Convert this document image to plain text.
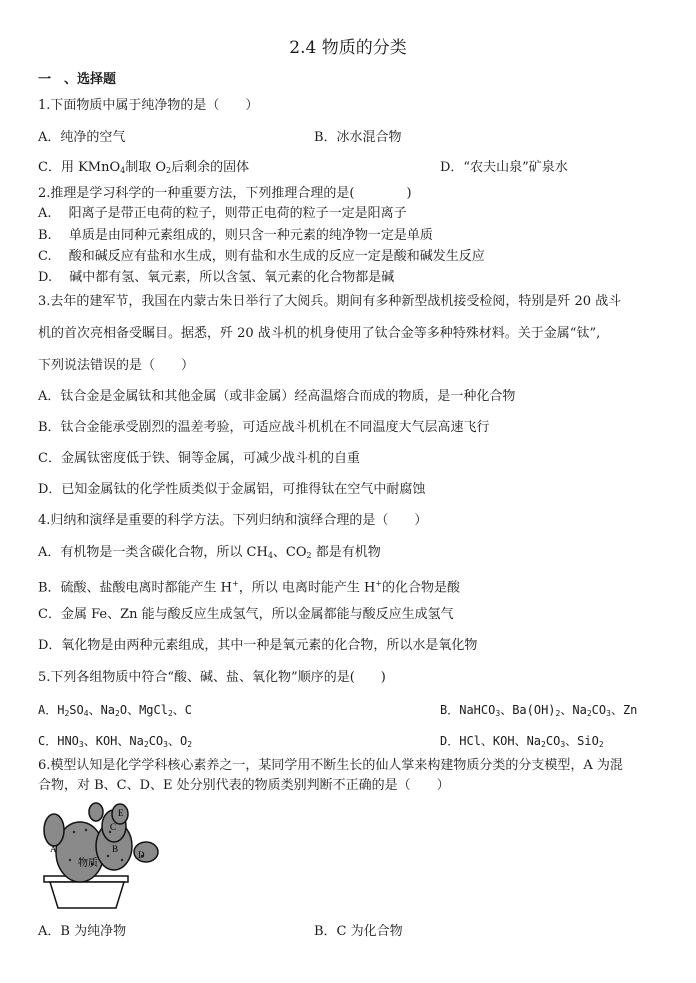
2.4 物质的分类
一　、选择题
1.下面物质中属于纯净物的是（　　）
A．纯净的空气	B．冰水混合物
C．用 KMnO$_4$制取 $O_2$后剩余的固体	D．“农夫山泉”矿泉水
2.推理是学习科学的一种重要方法，下列推理合理的是(　　　　)
A.　 阳离子是带正电荷的粒子，则带正电荷的粒子一定是阳离子
B.　 单质是由同种元素组成的，则只含一种元素的纯净物一定是单质
C.　 酸和碱反应有盐和水生成，则有盐和水生成的反应一定是酸和碱发生反应
D.　 碱中都有氢、氧元素，所以含氢、氧元素的化合物都是碱
3.去年的建军节，我国在内蒙古朱日举行了大阅兵。期间有多种新型战机接受检阅，特别是歼 20 战斗
机的首次亮相备受瞩目。据悉，歼 20 战斗机的机身使用了钛合金等多种特殊材料。关于金属“钛”,
下列说法错误的是（　　）
A．钛合金是金属钛和其他金属（或非金属）经高温熔合而成的物质，是一种化合物
B．钛合金能承受剧烈的温差考验，可适应战斗机机在不同温度大气层高速飞行
C．金属钛密度低于铁、铜等金属，可减少战斗机的自重
D．已知金属钛的化学性质类似于金属铝，可推得钛在空气中耐腐蚀
4.归纳和演绎是重要的科学方法。下列归纳和演绎合理的是（　　）
A．有机物是一类含碳化合物，所以 $CH_4$、$CO_2$ 都是有机物
B．硫酸、盐酸电离时都能产生 H+，所以 电离时能产生 H+的化合物是酸
C．金属 Fe、Zn 能与酸反应生成氢气，所以金属都能与酸反应生成氢气
D．氧化物是由两种元素组成，其中一种是氧元素的化合物，所以水是氧化物
5.下列各组物质中符合“酸、碱、盐、氧化物”顺序的是(　　)
A．$H_2SO_4$、$Na_2O$、MgCl$_2$、C	B．NaHCO$_3$、$Ba(OH)_2$、$Na_2CO_3$、Zn
C．$HNO_3$、KOH、$Na_2CO_3$、$O_2$	D．HCl、KOH、$Na_2CO_3$、SiO$_2$
6.模型认知是化学学科核心素养之一，某同学用不断生长的仙人掌来构建物质分类的分支模型，A 为混
合物，对 B、C、D、E 处分别代表的物质类别判断不正确的是（　　）
A	B
C
D
E
物质
A．B 为纯净物	B．C 为化合物
